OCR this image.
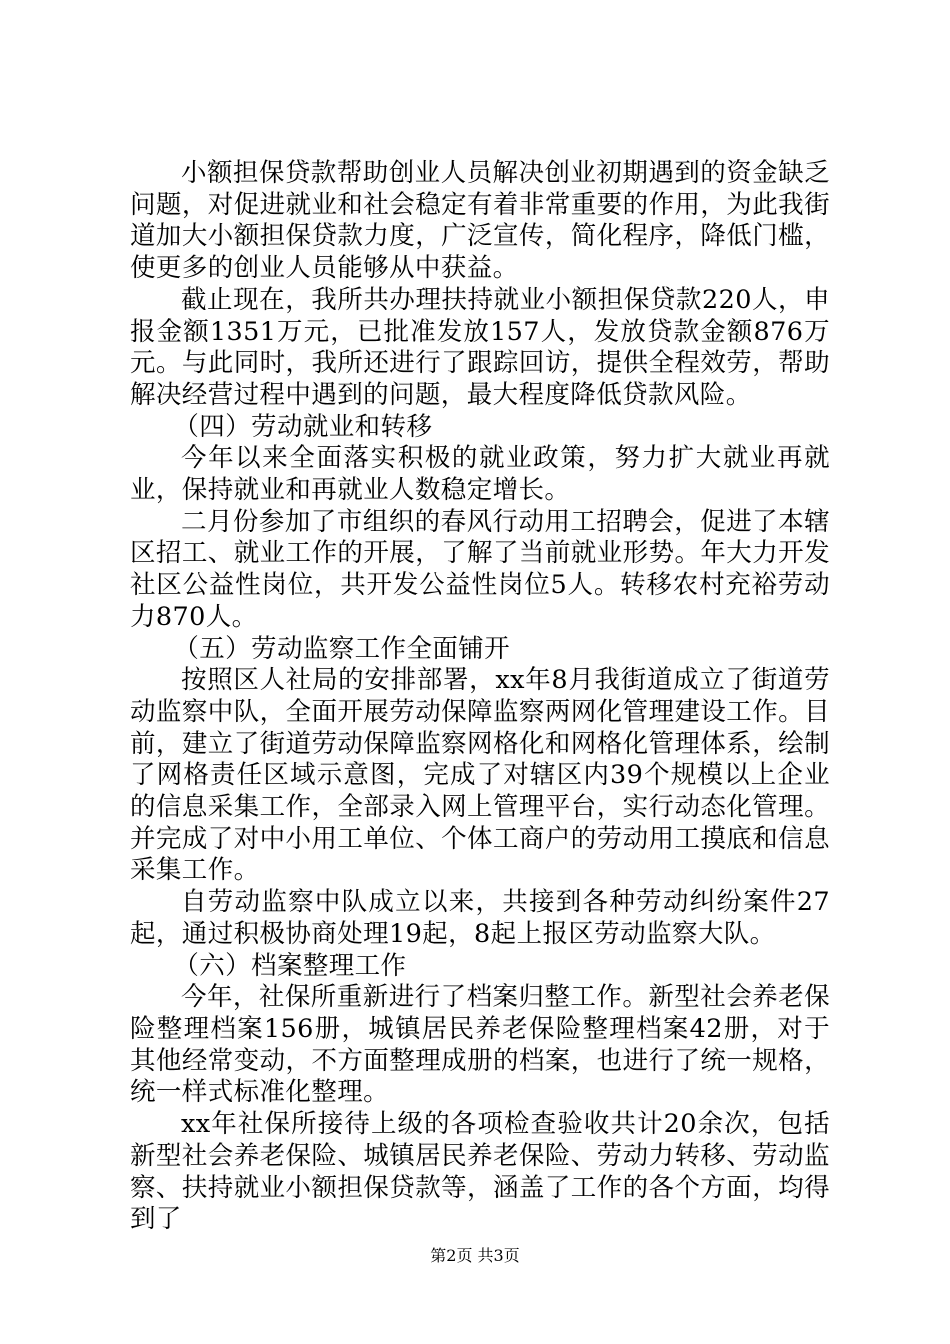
小额担保贷款帮助创业人员解决创业初期遇到的资金缺乏问题，对促进就业和社会稳定有着非常重要的作用，为此我街道加大小额担保贷款力度，广泛宣传，简化程序，降低门槛，使更多的创业人员能够从中获益。

截止现在，我所共办理扶持就业小额担保贷款220人，申报金额1351万元，已批准发放157人，发放贷款金额876万元。与此同时，我所还进行了跟踪回访，提供全程效劳，帮助解决经营过程中遇到的问题，最大程度降低贷款风险。

（四）劳动就业和转移

今年以来全面落实积极的就业政策，努力扩大就业再就业，保持就业和再就业人数稳定增长。

二月份参加了市组织的春风行动用工招聘会，促进了本辖区招工、就业工作的开展，了解了当前就业形势。年大力开发社区公益性岗位，共开发公益性岗位5人。转移农村充裕劳动力870人。

（五）劳动监察工作全面铺开

按照区人社局的安排部署，xx年8月我街道成立了街道劳动监察中队，全面开展劳动保障监察两网化管理建设工作。目前，建立了街道劳动保障监察网格化和网格化管理体系，绘制了网格责任区域示意图，完成了对辖区内39个规模以上企业的信息采集工作，全部录入网上管理平台，实行动态化管理。并完成了对中小用工单位、个体工商户的劳动用工摸底和信息采集工作。

自劳动监察中队成立以来，共接到各种劳动纠纷案件27起，通过积极协商处理19起，8起上报区劳动监察大队。

（六）档案整理工作

今年，社保所重新进行了档案归整工作。新型社会养老保险整理档案156册，城镇居民养老保险整理档案42册，对于其他经常变动，不方面整理成册的档案，也进行了统一规格，统一样式标准化整理。

xx年社保所接待上级的各项检查验收共计20余次，包括新型社会养老保险、城镇居民养老保险、劳动力转移、劳动监察、扶持就业小额担保贷款等，涵盖了工作的各个方面，均得到了

第2页 共3页
